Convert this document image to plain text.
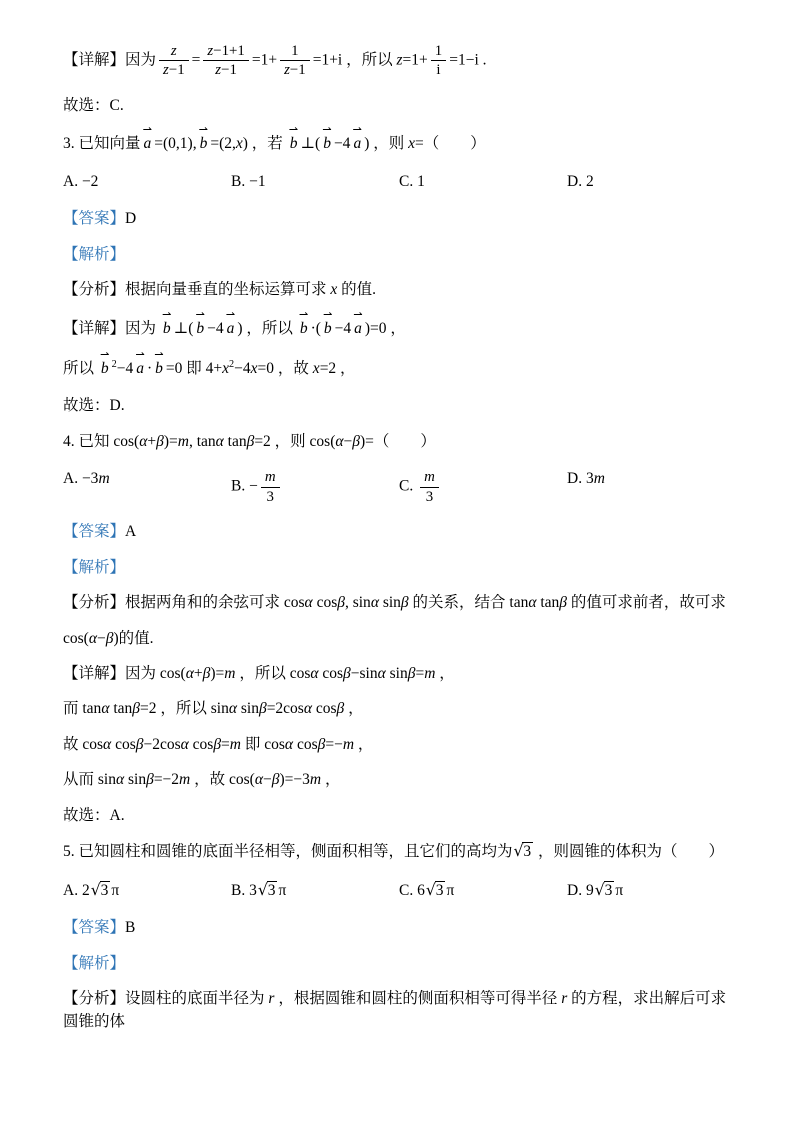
【详解】因为 $\frac{z}{z-1} = \frac{z-1+1}{z-1} =1+ \frac{1}{z-1} =1+i$ ，所以 $z=1+ \frac{1}{i} =1-i$ .

故选：C.

3. 已知向量
⇀
a =(0,1),
⇀
b =(2,x) ，若
⇀
b ⊥(
⇀
b −4
⇀
a ) ，则 x=（　　）

A. −2	B. −1	C. 1	D. 2

【答案】D

【解析】

【分析】根据向量垂直的坐标运算可求 x 的值.

【详解】因为
⇀
b ⊥(
⇀
b −4
⇀
a ) ，所以
⇀
b ·(
⇀
b −4
⇀
a )=0 ，

所以
⇀
b $^2$−4
⇀
a ·
⇀
b =0 即 $4+x^2-4x=0$ ，故 x=2 ，

故选：D.

4. 已知 cos(α+β)=m, tanα tanβ=2 ，则 cos(α−β)=（　　）

A. −3m	B. − $\frac{m}{3}$	C. $\frac{m}{3}$	D. 3m

【答案】A

【解析】

【分析】根据两角和的余弦可求 cosα cosβ, sinα sinβ 的关系，结合 tanα tanβ 的值可求前者，故可求

cos(α−β)的值.

【详解】因为 cos(α+β)=m ，所以 cosα cosβ−sinα sinβ=m ，

而 tanα tanβ=2 ，所以 sinα sinβ=2cosα cosβ ，

故 cosα cosβ−2cosα cosβ=m 即 cosα cosβ=−m ，

从而 sinα sinβ=−2m ，故 cos(α−β)=−3m ，

故选：A.

5. 已知圆柱和圆锥的底面半径相等，侧面积相等，且它们的高均为√3 ，则圆锥的体积为（　　）

A. 2√3 π	B. 3√3 π	C. 6√3 π	D. 9√3 π

【答案】B

【解析】

【分析】设圆柱的底面半径为 r ，根据圆锥和圆柱的侧面积相等可得半径 r 的方程，求出解后可求圆锥的体
